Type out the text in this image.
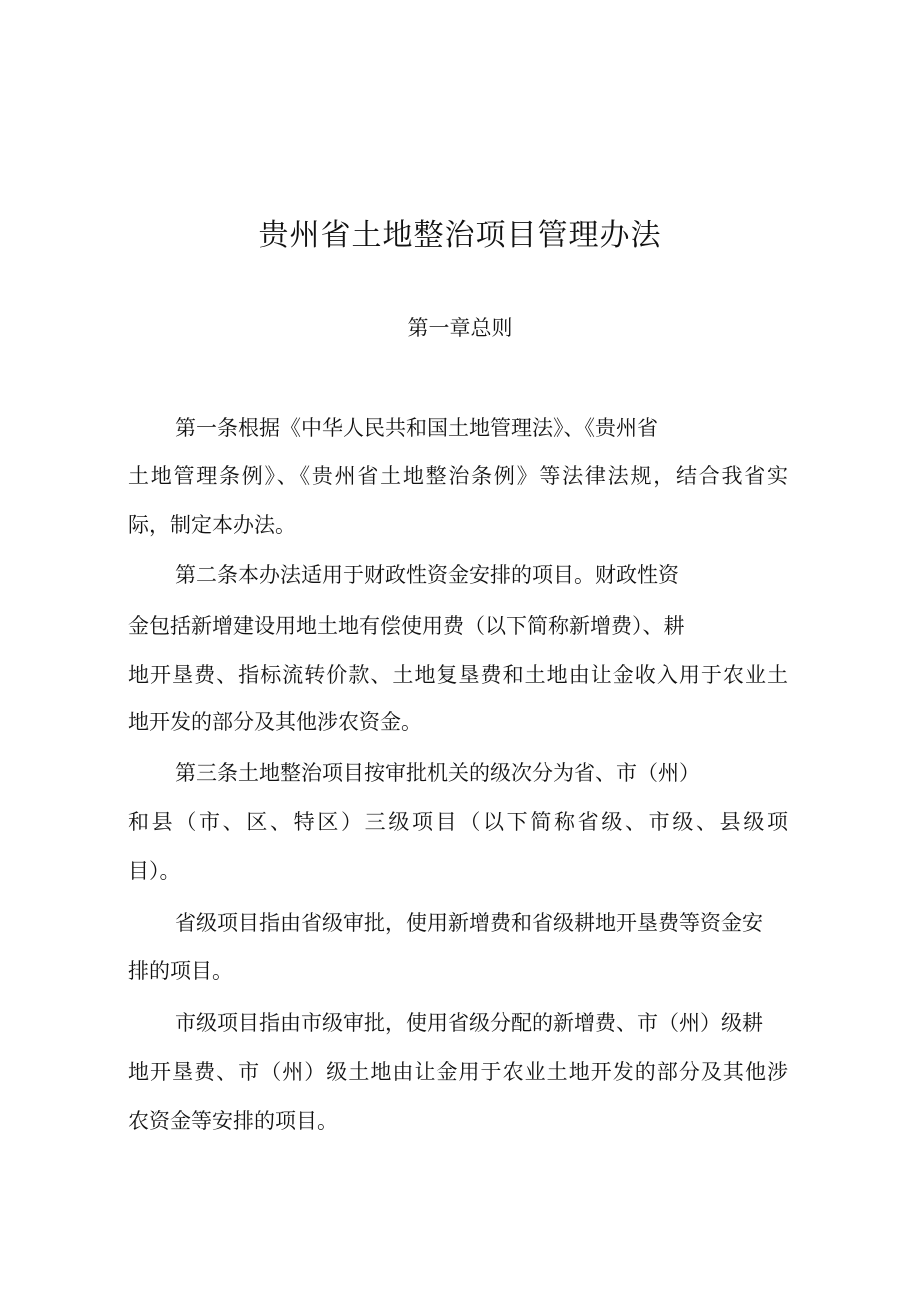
贵州省土地整治项目管理办法
第一章总则

第一条根据《中华人民共和国土地管理法》、《贵州省

土地管理条例》、《贵州省土地整治条例》等法律法规，结合我省实

际，制定本办法。

第二条本办法适用于财政性资金安排的项目。财政性资

金包括新增建设用地土地有偿使用费（以下简称新增费）、耕

地开垦费、指标流转价款、土地复垦费和土地由让金收入用于农业土

地开发的部分及其他涉农资金。

第三条土地整治项目按审批机关的级次分为省、市（州）

和县（市、区、特区）三级项目（以下简称省级、市级、县级项

目）。

省级项目指由省级审批，使用新增费和省级耕地开垦费等资金安

排的项目。

市级项目指由市级审批，使用省级分配的新增费、市（州）级耕

地开垦费、市（州）级土地由让金用于农业土地开发的部分及其他涉

农资金等安排的项目。
